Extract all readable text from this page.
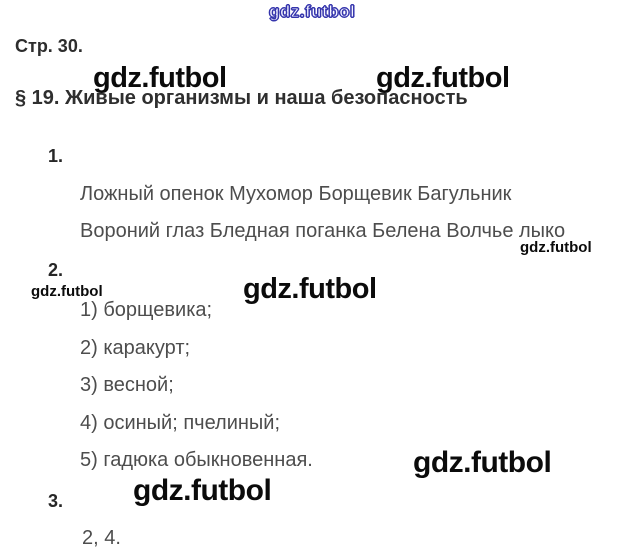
gdz.futbol
Стр. 30.
gdz.futbol	gdz.futbol
§ 19. Живые организмы и наша безопасность
1.
Ложный опенок Мухомор Борщевик Багульник
Вороний глаз Бледная поганка Белена Волчье лыко
gdz.futbol
2.
gdz.futbol	gdz.futbol
1) борщевика;
2) каракурт;
3) весной;
4) осиный; пчелиный;
5) гадюка обыкновенная.	gdz.futbol
gdz.futbol
3.
2, 4.
